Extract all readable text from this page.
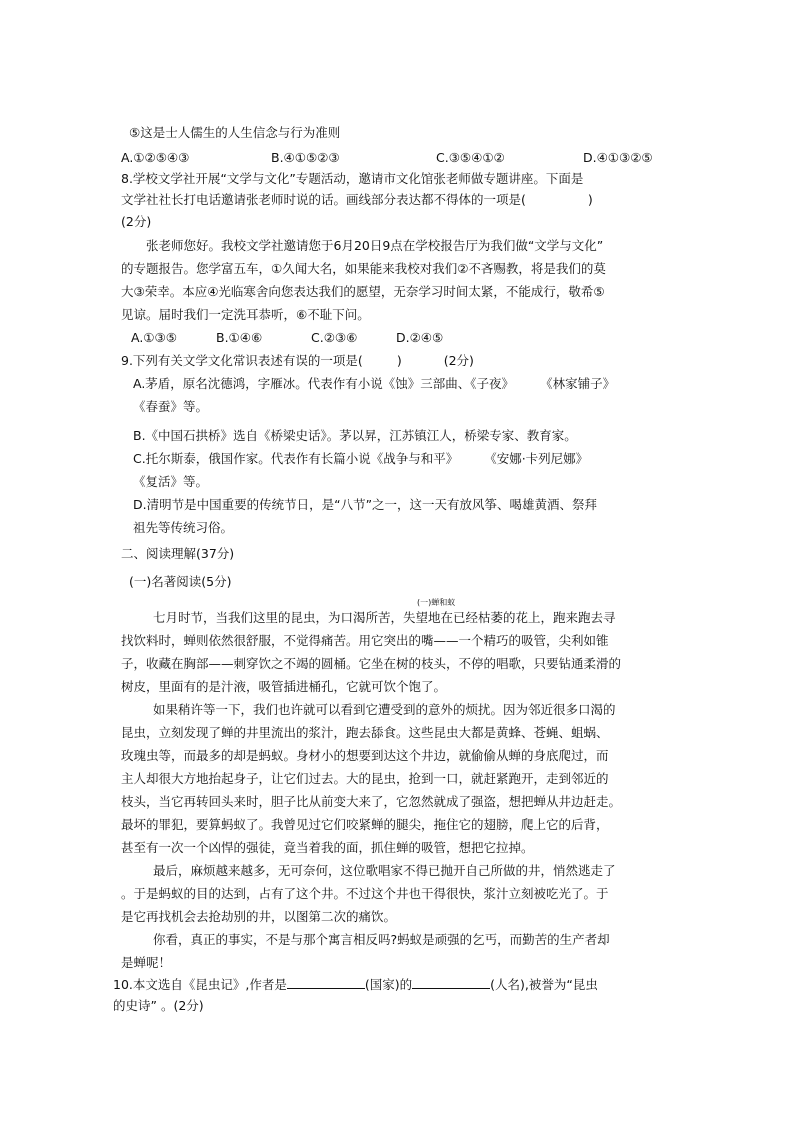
⑤这是士人儒生的人生信念与行为准则
A.①②⑤④③	B.④①⑤②③	C.③⑤④①②	D.④①③②⑤
8.学校文学社开展“文学与文化”专题活动，邀请市文化馆张老师做专题讲座。下面是
文学社社长打电话邀请张老师时说的话。画线部分表达都不得体的一项是(	)
(2分)
张老师您好。我校文学社邀请您于6月20日9点在学校报告厅为我们做“文学与文化”
的专题报告。您学富五车，①久闻大名，如果能来我校对我们②不吝赐教，将是我们的莫
大③荣幸。本应④光临寒舍向您表达我们的愿望，无奈学习时间太紧，不能成行，敬希⑤
见谅。届时我们一定洗耳恭听，⑥不耻下问。
A.①③⑤	B.①④⑥	C.②③⑥	D.②④⑤
9.下列有关文学文化常识表述有误的一项是(	)	(2分)
A.茅盾，原名沈德鸿，字雁冰。代表作有小说《蚀》三部曲、《子夜》 《林家铺子》
《春蚕》等。
B.《中国石拱桥》选自《桥梁史话》。茅以昇，江苏镇江人，桥梁专家、教育家。
C.托尔斯泰，俄国作家。代表作有长篇小说《战争与和平》 《安娜·卡列尼娜》
《复活》等。
D.清明节是中国重要的传统节日，是“八节”之一，这一天有放风筝、喝雄黄酒、祭拜
祖先等传统习俗。
二、阅读理解(37分)
(一)名著阅读(5分)
(一)蝉和蚁
七月时节，当我们这里的昆虫，为口渴所苦，失望地在已经枯萎的花上，跑来跑去寻
找饮料时，蝉则依然很舒服，不觉得痛苦。用它突出的嘴——一个精巧的吸管，尖利如锥
子，收藏在胸部——刺穿饮之不竭的圆桶。它坐在树的枝头，不停的唱歌，只要钻通柔滑的
树皮，里面有的是汁液，吸管插进桶孔，它就可饮个饱了。
如果稍许等一下，我们也许就可以看到它遭受到的意外的烦扰。因为邻近很多口渴的
昆虫，立刻发现了蝉的井里流出的浆汁，跑去舔食。这些昆虫大都是黄蜂、苍蝇、蛆蜗、
玫瑰虫等，而最多的却是蚂蚁。身材小的想要到达这个井边，就偷偷从蝉的身底爬过，而
主人却很大方地抬起身子，让它们过去。大的昆虫，抢到一口，就赶紧跑开，走到邻近的
枝头，当它再转回头来时，胆子比从前变大来了，它忽然就成了强盗，想把蝉从井边赶走。
最坏的罪犯，要算蚂蚁了。我曾见过它们咬紧蝉的腿尖，拖住它的翅膀，爬上它的后背，
甚至有一次一个凶悍的强徒，竟当着我的面，抓住蝉的吸管，想把它拉掉。
最后，麻烦越来越多，无可奈何，这位歌唱家不得已抛开自己所做的井，悄然逃走了
。于是蚂蚁的目的达到，占有了这个井。不过这个井也干得很快，浆汁立刻被吃光了。于
是它再找机会去抢劫别的井，以图第二次的痛饮。
你看，真正的事实，不是与那个寓言相反吗?蚂蚁是顽强的乞丐，而勤苦的生产者却
是蝉呢！
10.本文选自《昆虫记》,作者是	(国家)的	(人名),被誉为“昆虫
的史诗” 。(2分)
